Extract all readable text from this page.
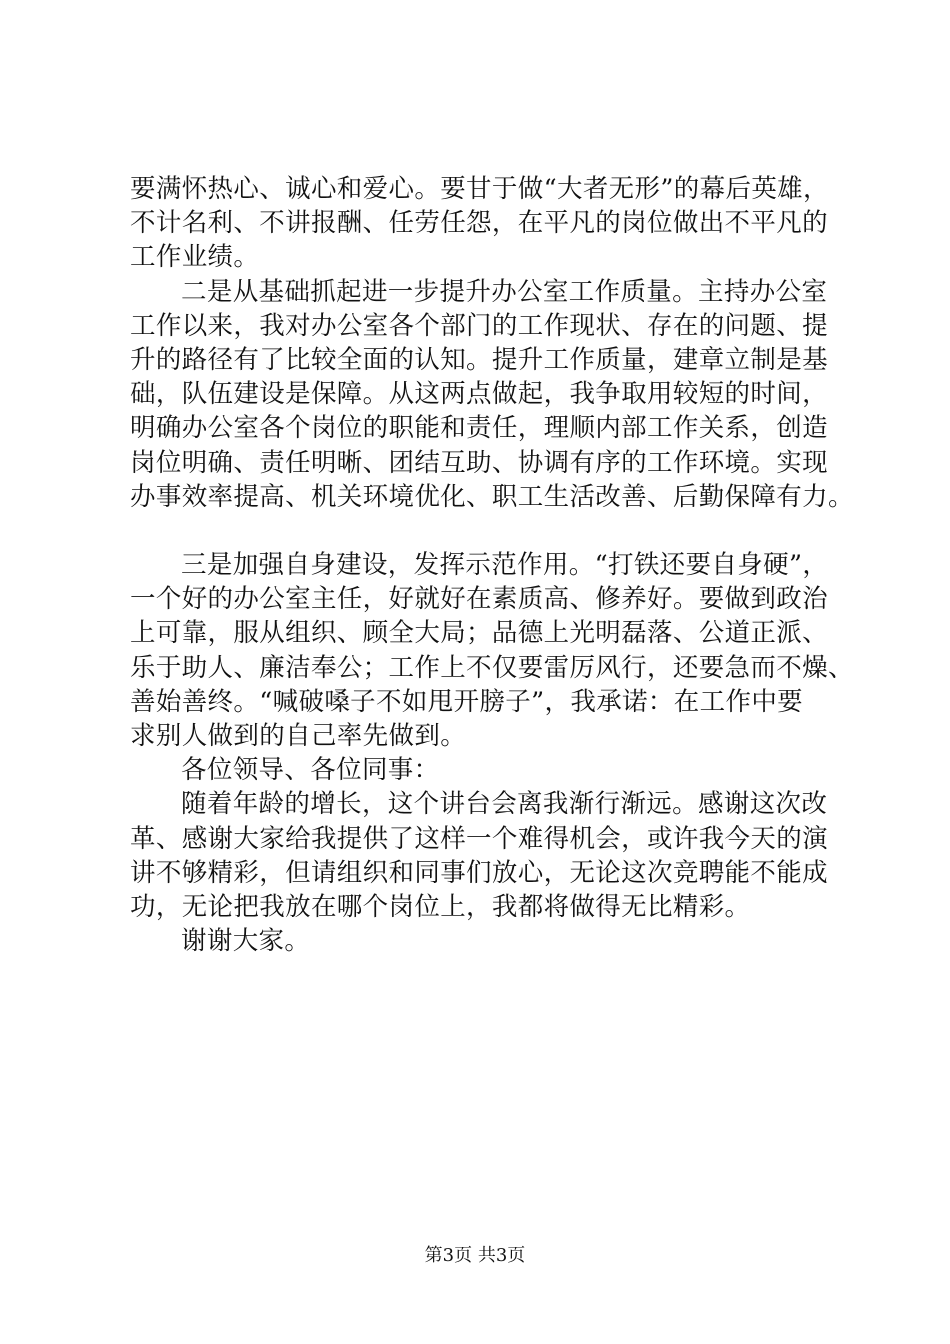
要满怀热心、诚心和爱心。要甘于做“大者无形”的幕后英雄，
不计名利、不讲报酬、任劳任怨，在平凡的岗位做出不平凡的
工作业绩。
二是从基础抓起进一步提升办公室工作质量。主持办公室
工作以来，我对办公室各个部门的工作现状、存在的问题、提
升的路径有了比较全面的认知。提升工作质量，建章立制是基
础，队伍建设是保障。从这两点做起，我争取用较短的时间，
明确办公室各个岗位的职能和责任，理顺内部工作关系，创造
岗位明确、责任明晰、团结互助、协调有序的工作环境。实现
办事效率提高、机关环境优化、职工生活改善、后勤保障有力。
三是加强自身建设，发挥示范作用。“打铁还要自身硬”，
一个好的办公室主任，好就好在素质高、修养好。要做到政治
上可靠，服从组织、顾全大局；品德上光明磊落、公道正派、
乐于助人、廉洁奉公；工作上不仅要雷厉风行，还要急而不燥、
善始善终。“喊破嗓子不如甩开膀子”，我承诺：在工作中要
求别人做到的自己率先做到。
各位领导、各位同事：
随着年龄的增长，这个讲台会离我渐行渐远。感谢这次改
革、感谢大家给我提供了这样一个难得机会，或许我今天的演
讲不够精彩，但请组织和同事们放心，无论这次竞聘能不能成
功，无论把我放在哪个岗位上，我都将做得无比精彩。
谢谢大家。
第3页 共3页
